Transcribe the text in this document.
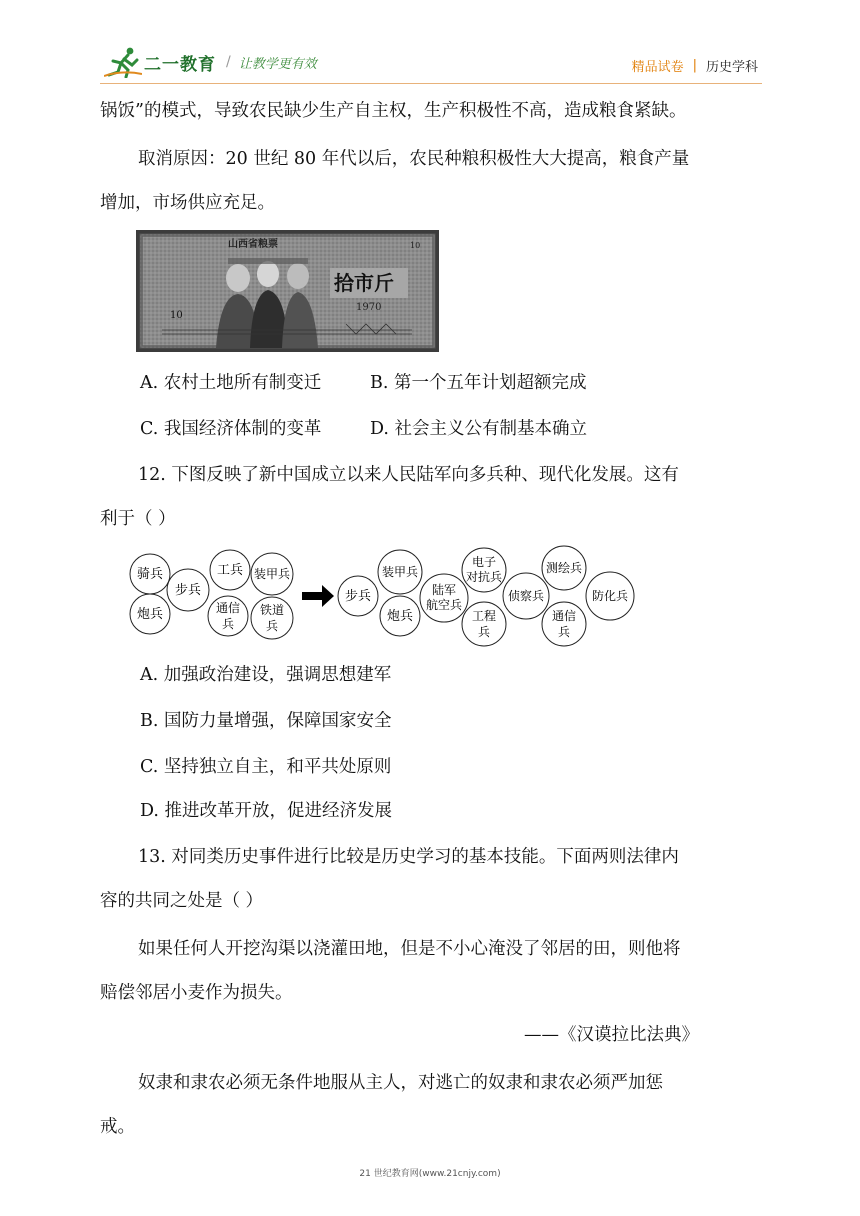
二一教育 / 让教学更有效	精品试卷 | 历史学科
锅饭”的模式，导致农民缺少生产自主权，生产积极性不高，造成粮食紧缺。
取消原因：20 世纪 80 年代以后，农民种粮积极性大大提高，粮食产量
增加，市场供应充足。
山西省粮票	10
拾市斤
1970
10
A. 农村土地所有制变迁	B. 第一个五年计划超额完成
C. 我国经济体制的变革	D. 社会主义公有制基本确立
12. 下图反映了新中国成立以来人民陆军向多兵种、现代化发展。这有
利于（ ）
骑兵
步兵
工兵 装甲兵
炮兵	通信
兵
铁道
兵
步兵
装甲兵
炮兵
陆军
航空兵
电子
对抗兵
工程
兵
侦察兵
测绘兵
通信
兵
防化兵
A. 加强政治建设，强调思想建军
B. 国防力量增强，保障国家安全
C. 坚持独立自主，和平共处原则
D. 推进改革开放，促进经济发展
13. 对同类历史事件进行比较是历史学习的基本技能。下面两则法律内
容的共同之处是（ ）
如果任何人开挖沟渠以浇灌田地，但是不小心淹没了邻居的田，则他将
赔偿邻居小麦作为损失。
——《汉谟拉比法典》
奴隶和隶农必须无条件地服从主人，对逃亡的奴隶和隶农必须严加惩
戒。
21 世纪教育网(www.21cnjy.com)
